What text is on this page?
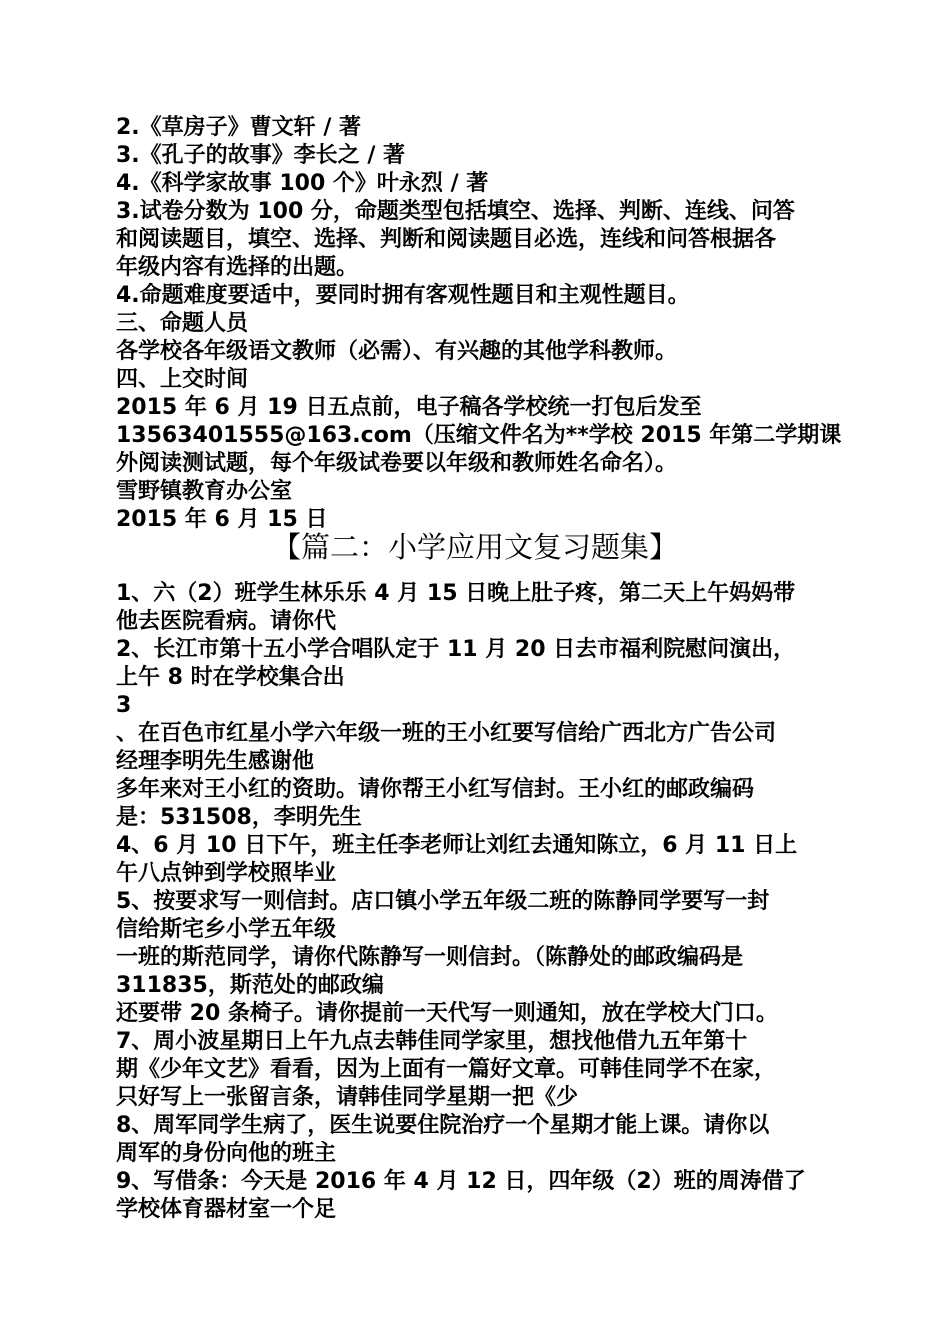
2.《草房子》曹文轩 / 著

3.《孔子的故事》李长之 / 著

4.《科学家故事 100 个》叶永烈 / 著

3.试卷分数为 100 分，命题类型包括填空、选择、判断、连线、问答

和阅读题目，填空、选择、判断和阅读题目必选，连线和问答根据各

年级内容有选择的出题。

4.命题难度要适中，要同时拥有客观性题目和主观性题目。

三、命题人员

各学校各年级语文教师（必需）、有兴趣的其他学科教师。

四、上交时间

2015 年 6 月 19 日五点前，电子稿各学校统一打包后发至

13563401555@163.com（压缩文件名为**学校 2015 年第二学期课

外阅读测试题，每个年级试卷要以年级和教师姓名命名）。

雪野镇教育办公室

2015 年 6 月 15 日

【篇二：小学应用文复习题集】

1、六（2）班学生林乐乐 4 月 15 日晚上肚子疼，第二天上午妈妈带

他去医院看病。请你代

2、长江市第十五小学合唱队定于 11 月 20 日去市福利院慰问演出，

上午 8 时在学校集合出

3

、在百色市红星小学六年级一班的王小红要写信给广西北方广告公司

经理李明先生感谢他

多年来对王小红的资助。请你帮王小红写信封。王小红的邮政编码

是：531508，李明先生

4、6 月 10 日下午，班主任李老师让刘红去通知陈立，6 月 11 日上

午八点钟到学校照毕业

5、按要求写一则信封。店口镇小学五年级二班的陈静同学要写一封

信给斯宅乡小学五年级

一班的斯范同学，请你代陈静写一则信封。（陈静处的邮政编码是

311835，斯范处的邮政编

还要带 20 条椅子。请你提前一天代写一则通知，放在学校大门口。

7、周小波星期日上午九点去韩佳同学家里，想找他借九五年第十

期《少年文艺》看看，因为上面有一篇好文章。可韩佳同学不在家，

只好写上一张留言条，请韩佳同学星期一把《少

8、周军同学生病了，医生说要住院治疗一个星期才能上课。请你以

周军的身份向他的班主

9、写借条：今天是 2016 年 4 月 12 日，四年级（2）班的周涛借了

学校体育器材室一个足
